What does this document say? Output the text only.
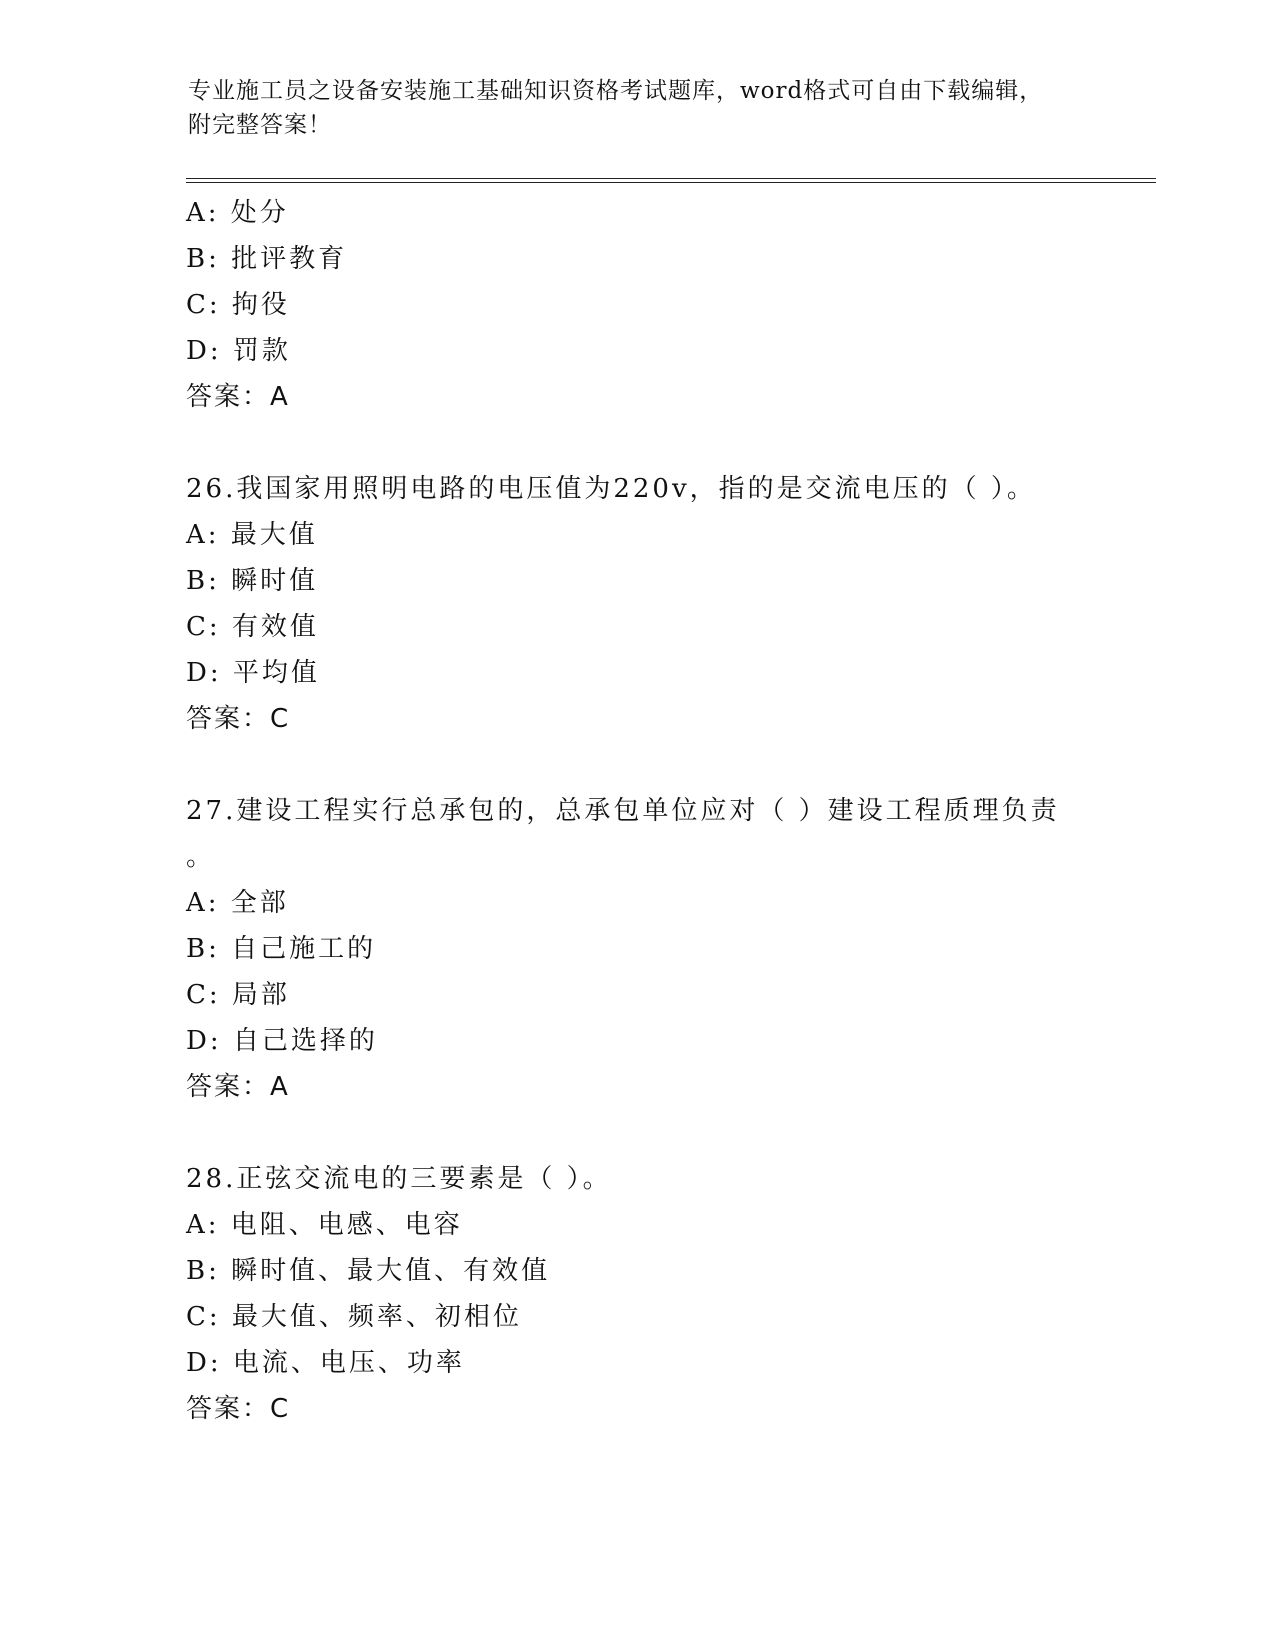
专业施工员之设备安装施工基础知识资格考试题库，word格式可自由下载编辑，
附完整答案！
A: 处分
B: 批评教育
C: 拘役
D: 罚款
答案：A
26.我国家用照明电路的电压值为220v，指的是交流电压的（ ）。
A: 最大值
B: 瞬时值
C: 有效值
D: 平均值
答案：C
27.建设工程实行总承包的，总承包单位应对（ ）建设工程质理负责
。
A: 全部
B: 自己施工的
C: 局部
D: 自己选择的
答案：A
28.正弦交流电的三要素是（ ）。
A: 电阻、电感、电容
B: 瞬时值、最大值、有效值
C: 最大值、频率、初相位
D: 电流、电压、功率
答案：C
